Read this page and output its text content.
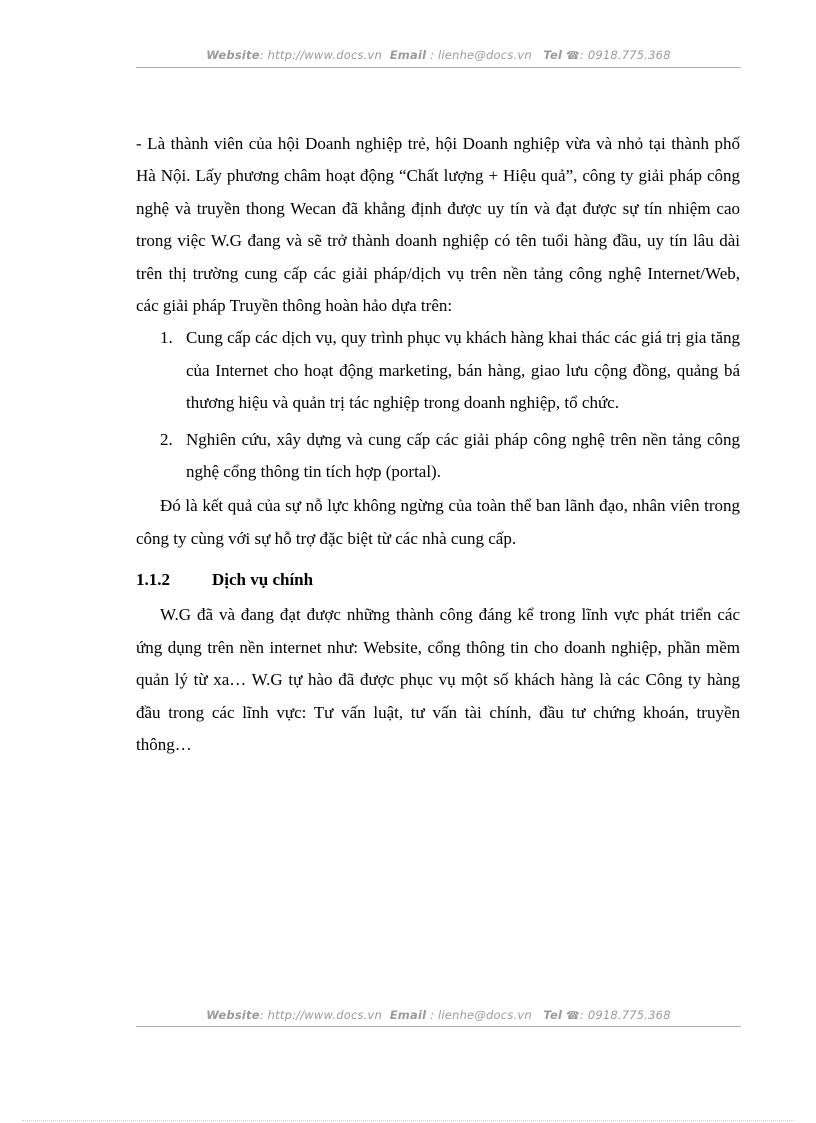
Website: http://www.docs.vn Email : lienhe@docs.vn Tel ☎: 0918.775.368

- Là thành viên của hội Doanh nghiệp trẻ, hội Doanh nghiệp vừa và nhỏ tại thành phố Hà Nội. Lấy phương châm hoạt động “Chất lượng + Hiệu quả”, công ty giải pháp công nghệ và truyền thong Wecan đã khẳng định được uy tín và đạt được sự tín nhiệm cao trong việc W.G đang và sẽ trở thành doanh nghiệp có tên tuổi hàng đầu, uy tín lâu dài trên thị trường cung cấp các giải pháp/dịch vụ trên nền tảng công nghệ Internet/Web, các giải pháp Truyền thông hoàn hảo dựa trên:

1. Cung cấp các dịch vụ, quy trình phục vụ khách hàng khai thác các giá trị gia tăng của Internet cho hoạt động marketing, bán hàng, giao lưu cộng đồng, quảng bá thương hiệu và quản trị tác nghiệp trong doanh nghiệp, tổ chức.
2. Nghiên cứu, xây dựng và cung cấp các giải pháp công nghệ trên nền tảng công nghệ cổng thông tin tích hợp (portal).

Đó là kết quả của sự nỗ lực không ngừng của toàn thể ban lãnh đạo, nhân viên trong công ty cùng với sự hỗ trợ đặc biệt từ các nhà cung cấp.

1.1.2 Dịch vụ chính

W.G đã và đang đạt được những thành công đáng kể trong lĩnh vực phát triển các ứng dụng trên nền internet như: Website, cổng thông tin cho doanh nghiệp, phần mềm quản lý từ xa… W.G tự hào đã được phục vụ một số khách hàng là các Công ty hàng đầu trong các lĩnh vực: Tư vấn luật, tư vấn tài chính, đầu tư chứng khoán, truyền thông…

Website: http://www.docs.vn Email : lienhe@docs.vn Tel ☎: 0918.775.368
